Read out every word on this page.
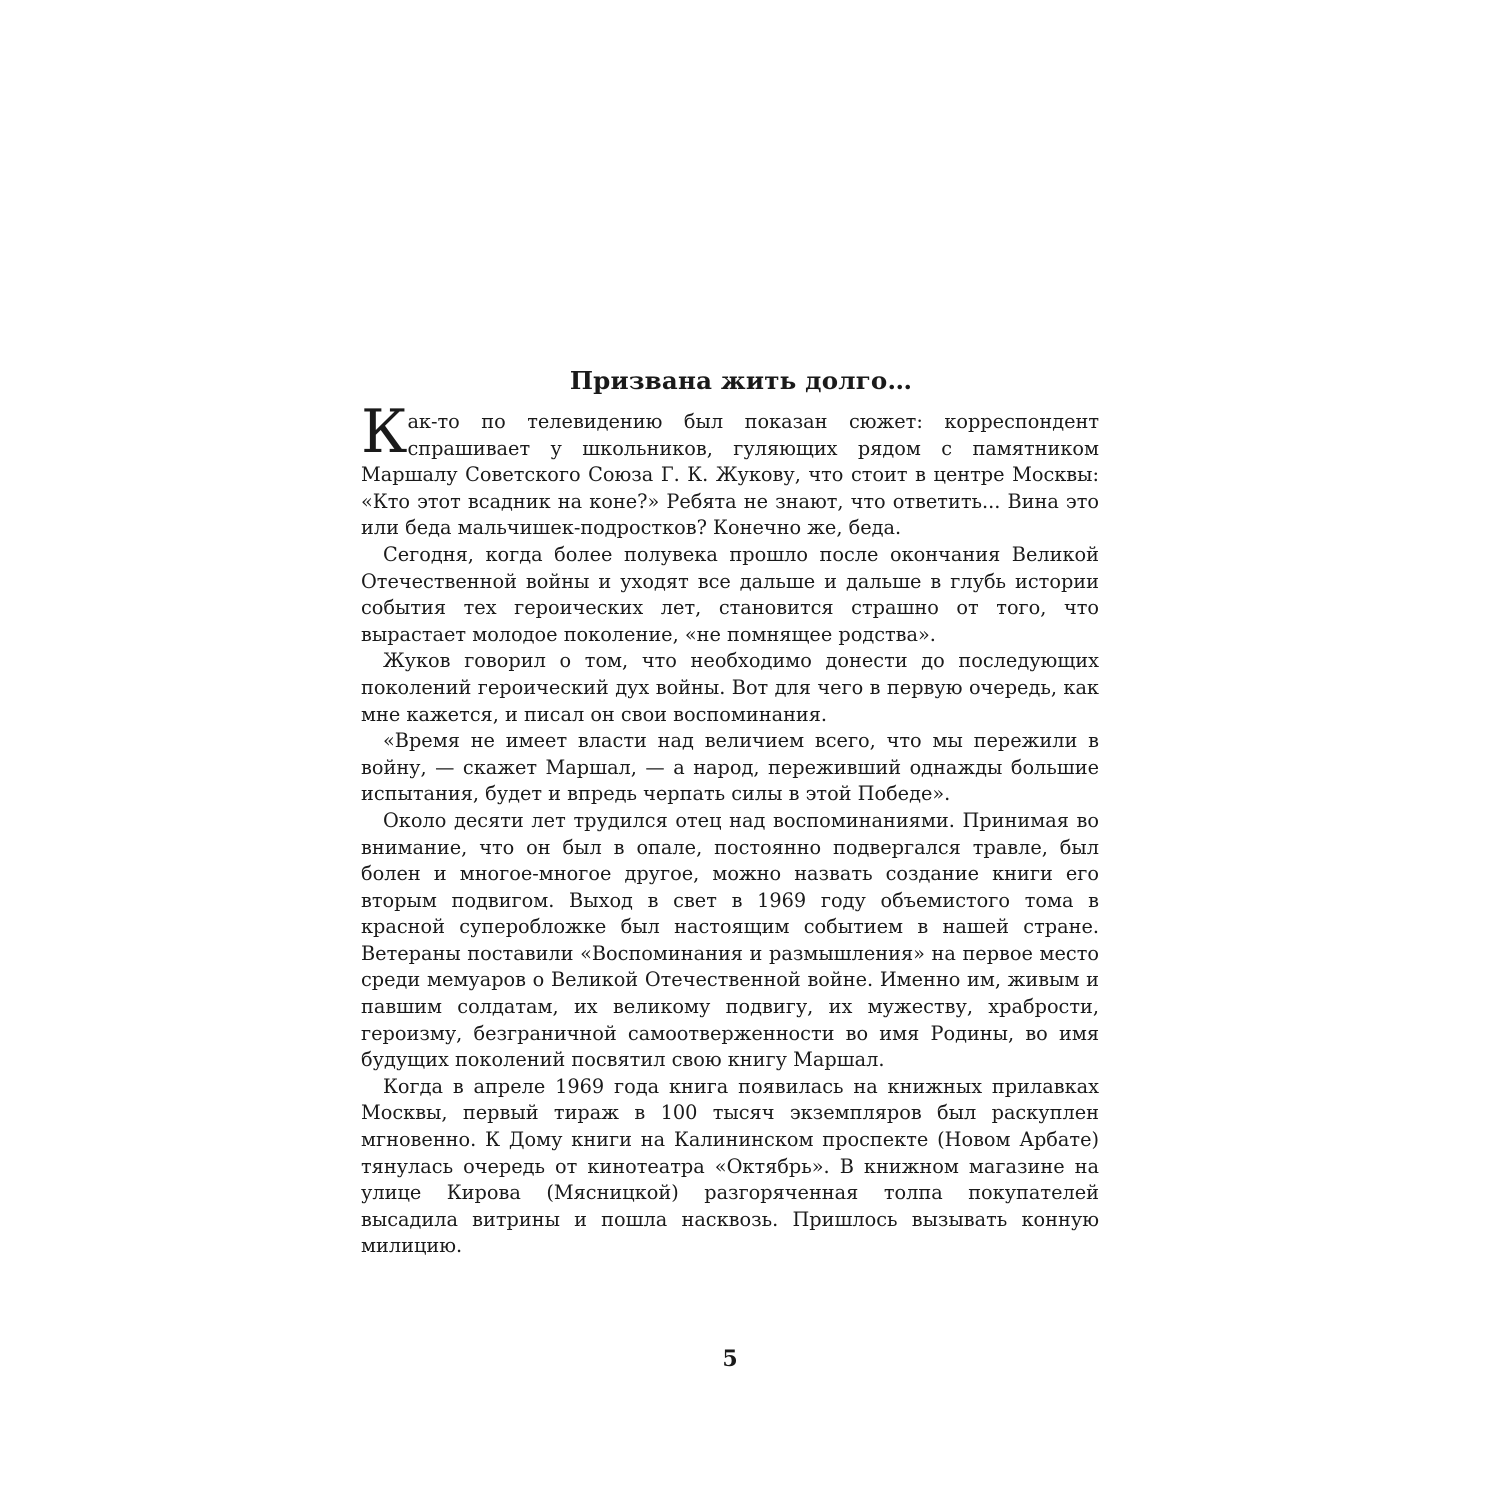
Призвана жить долго…

Как-то по телевидению был показан сюжет: корреспондент спрашивает у школьников, гуляющих рядом с памятником Маршалу Советского Союза Г. К. Жукову, что стоит в центре Москвы: «Кто этот всадник на коне?» Ребята не знают, что ответить... Вина это или беда мальчишек-подростков? Конечно же, беда.

Сегодня, когда более полувека прошло после окончания Великой Отечественной войны и уходят все дальше и дальше в глубь истории события тех героических лет, становится страшно от того, что вырастает молодое поколение, «не помнящее родства».

Жуков говорил о том, что необходимо донести до последующих поколений героический дух войны. Вот для чего в первую очередь, как мне кажется, и писал он свои воспоминания.

«Время не имеет власти над величием всего, что мы пережили в войну, — скажет Маршал, — а народ, переживший однажды большие испытания, будет и впредь черпать силы в этой Победе».

Около десяти лет трудился отец над воспоминаниями. Принимая во внимание, что он был в опале, постоянно подвергался травле, был болен и многое-многое другое, можно назвать создание книги его вторым подвигом. Выход в свет в 1969 году объемистого тома в красной суперобложке был настоящим событием в нашей стране. Ветераны поставили «Воспоминания и размышления» на первое место среди мемуаров о Великой Отечественной войне. Именно им, живым и павшим солдатам, их великому подвигу, их мужеству, храбрости, героизму, безграничной самоотверженности во имя Родины, во имя будущих поколений посвятил свою книгу Маршал.

Когда в апреле 1969 года книга появилась на книжных прилавках Москвы, первый тираж в 100 тысяч экземпляров был раскуплен мгновенно. К Дому книги на Калининском проспекте (Новом Арбате) тянулась очередь от кинотеатра «Октябрь». В книжном магазине на улице Кирова (Мясницкой) разгоряченная толпа покупателей высадила витрины и пошла насквозь. Пришлось вызывать конную милицию.

5
